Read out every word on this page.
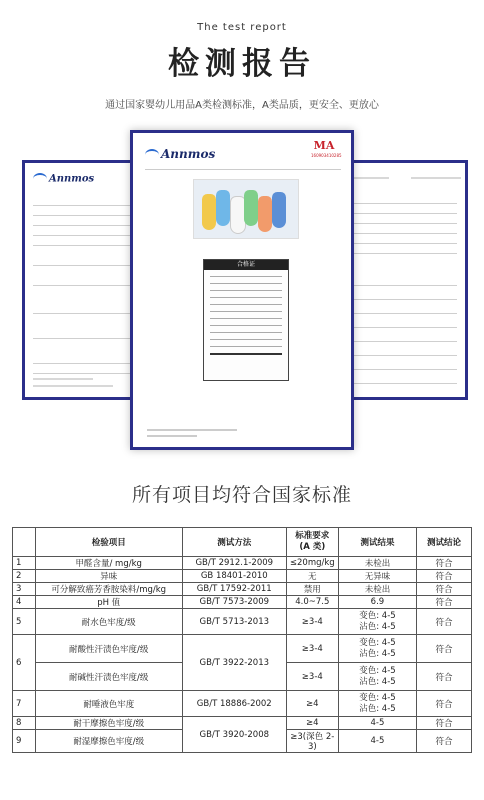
The test report
检测报告
通过国家婴幼儿用品A类检测标准，A类品质，更安全、更放心
Annmos
Annmos
MA
160903410285
合格证
所有项目均符合国家标准
	检验项目	测试方法	标准要求
(A 类)	测试结果	测试结论
1	甲醛含量/ mg/kg	GB/T 2912.1-2009	≤20mg/kg	未检出	符合
2	异味	GB 18401-2010	无	无异味	符合
3	可分解致癌芳香胺染料/mg/kg	GB/T 17592-2011	禁用	未检出	符合
4	pH 值	GB/T 7573-2009	4.0~7.5	6.9	符合
5	耐水色牢度/级	GB/T 5713-2013	≥3-4	变色: 4-5
沾色: 4-5	符合
6	耐酸性汗渍色牢度/级	GB/T 3922-2013	≥3-4	变色: 4-5
沾色: 4-5	符合
	耐碱性汗渍色牢度/级		≥3-4	变色: 4-5
沾色: 4-5	符合
7	耐唾液色牢度	GB/T 18886-2002	≥4	变色: 4-5
沾色: 4-5	符合
8	耐干摩擦色牢度/级	GB/T 3920-2008	≥4	4-5	符合
9	耐湿摩擦色牢度/级		≥3(深色 2-3)	4-5	符合
